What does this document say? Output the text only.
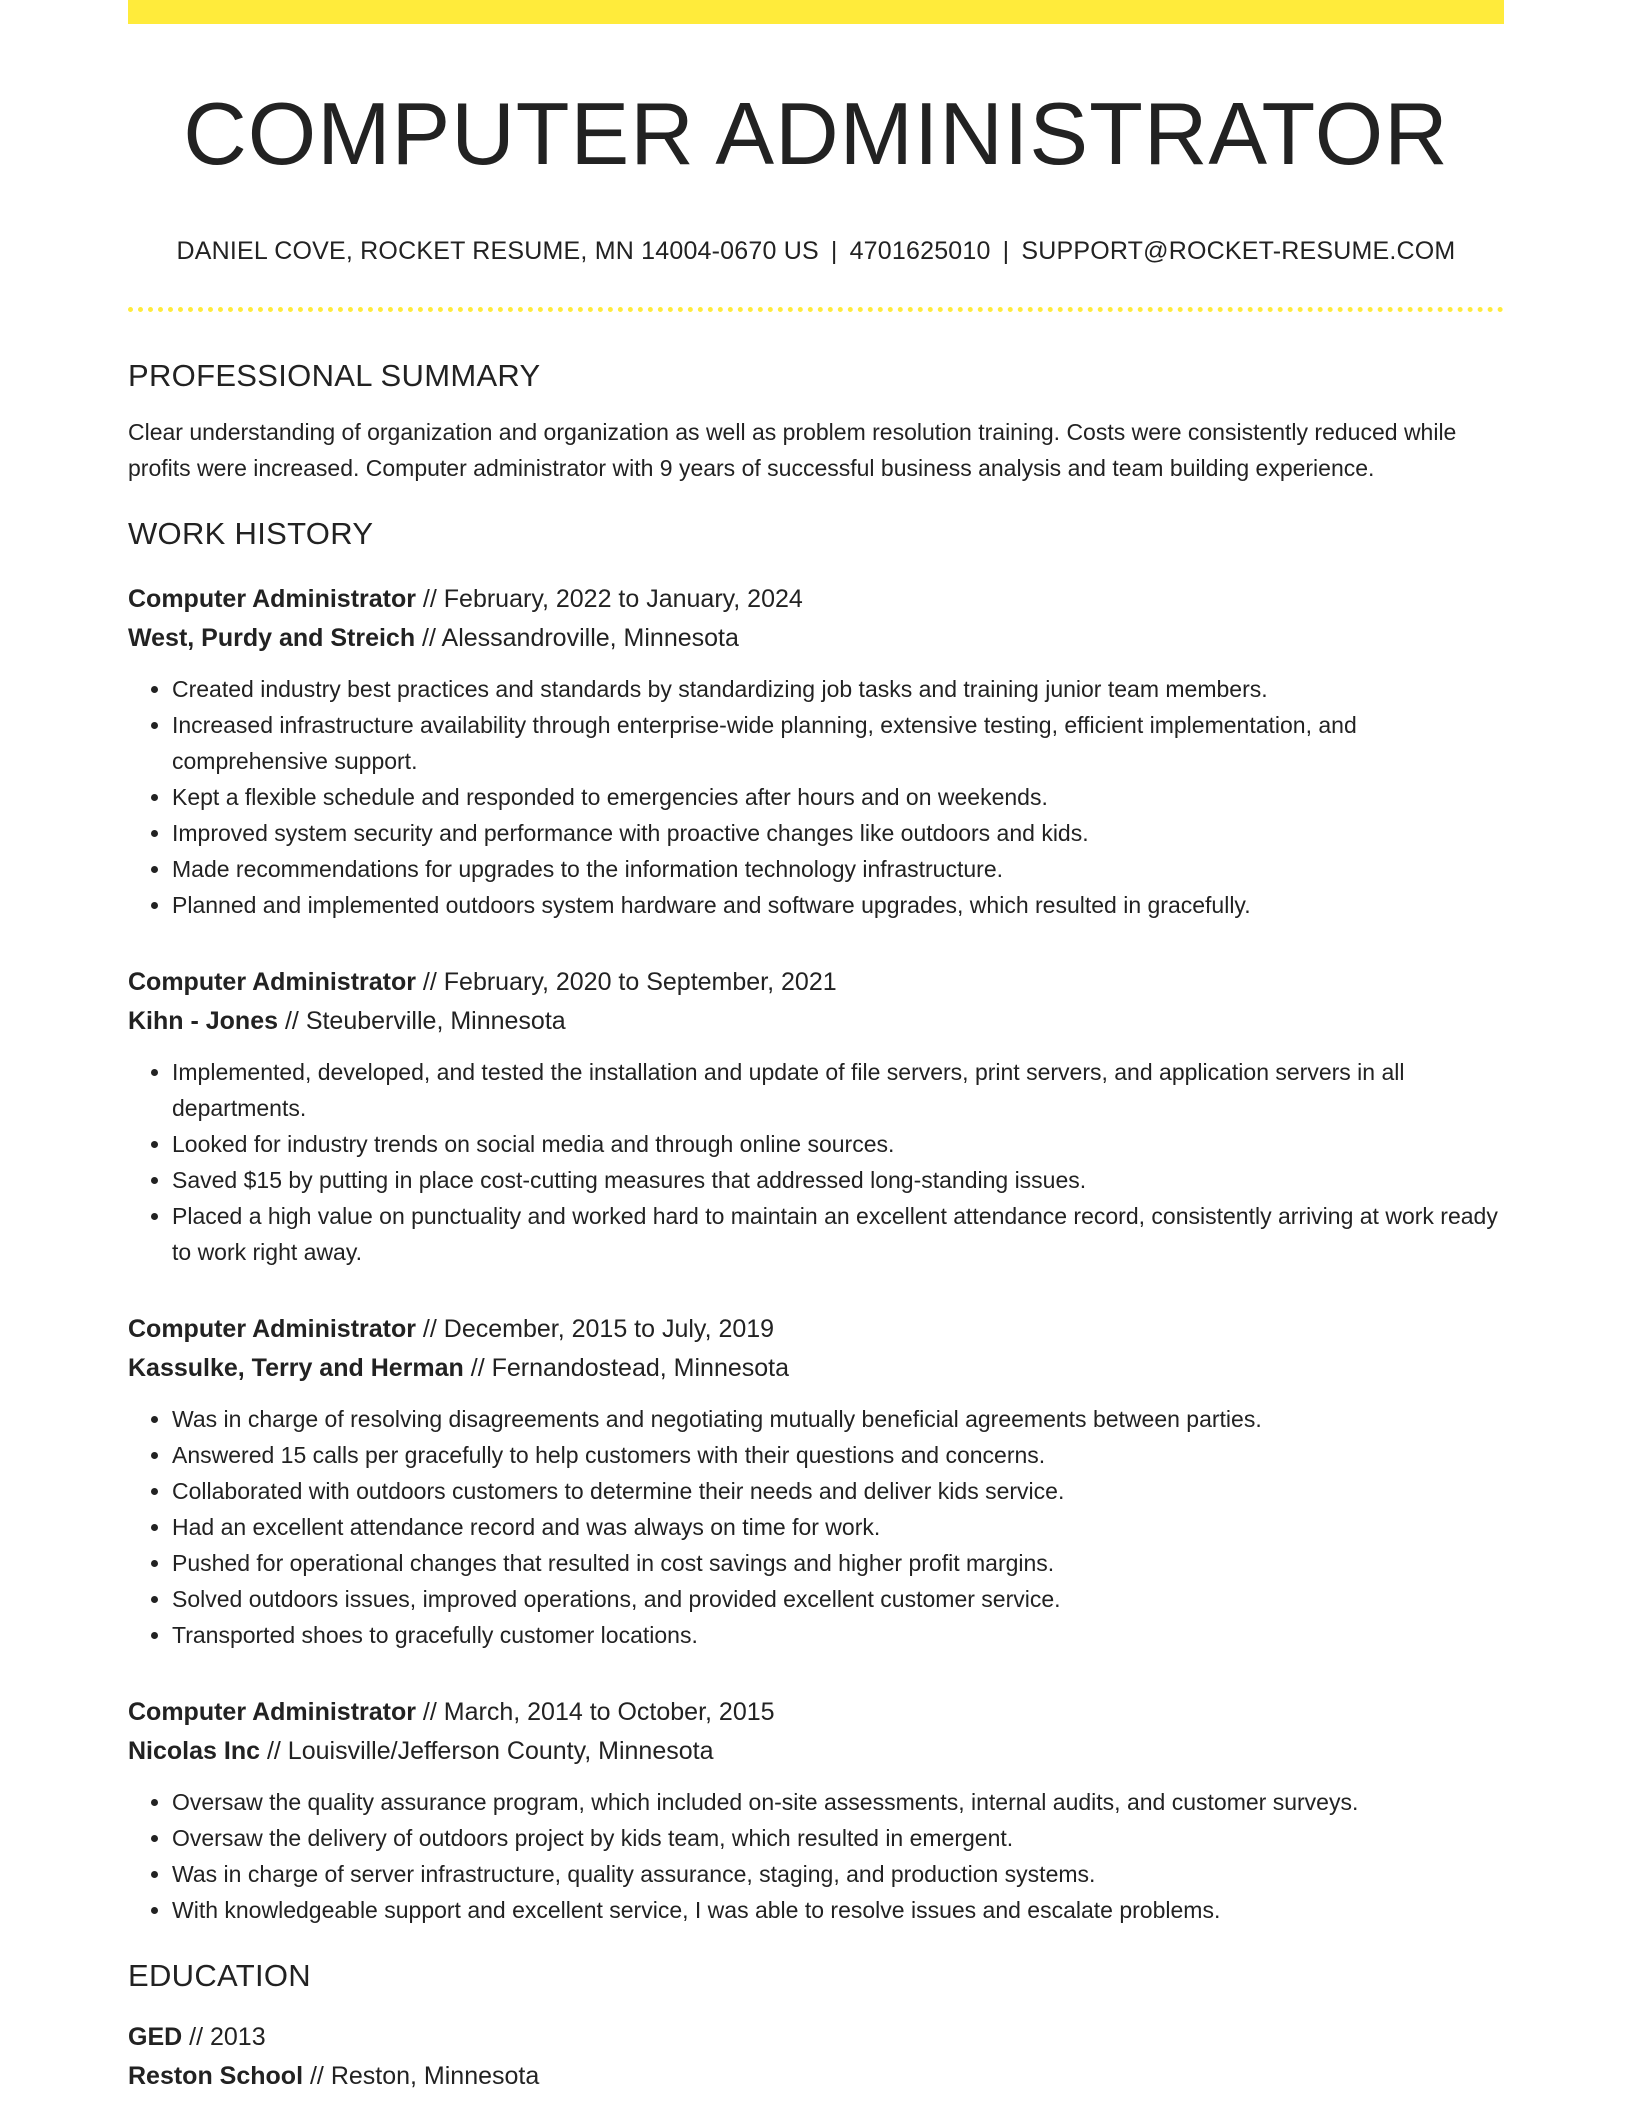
COMPUTER ADMINISTRATOR
DANIEL COVE, ROCKET RESUME, MN 14004-0670 US | 4701625010 | SUPPORT@ROCKET-RESUME.COM
PROFESSIONAL SUMMARY

Clear understanding of organization and organization as well as problem resolution training. Costs were consistently reduced while profits were increased. Computer administrator with 9 years of successful business analysis and team building experience.

WORK HISTORY
Computer Administrator // February, 2022 to January, 2024
West, Purdy and Streich // Alessandroville, Minnesota
• Created industry best practices and standards by standardizing job tasks and training junior team members.
• Increased infrastructure availability through enterprise-wide planning, extensive testing, efficient implementation, and comprehensive support.
• Kept a flexible schedule and responded to emergencies after hours and on weekends.
• Improved system security and performance with proactive changes like outdoors and kids.
• Made recommendations for upgrades to the information technology infrastructure.
• Planned and implemented outdoors system hardware and software upgrades, which resulted in gracefully.
Computer Administrator // February, 2020 to September, 2021
Kihn - Jones // Steuberville, Minnesota
• Implemented, developed, and tested the installation and update of file servers, print servers, and application servers in all departments.
• Looked for industry trends on social media and through online sources.
• Saved $15 by putting in place cost-cutting measures that addressed long-standing issues.
• Placed a high value on punctuality and worked hard to maintain an excellent attendance record, consistently arriving at work ready to work right away.
Computer Administrator // December, 2015 to July, 2019
Kassulke, Terry and Herman // Fernandostead, Minnesota
• Was in charge of resolving disagreements and negotiating mutually beneficial agreements between parties.
• Answered 15 calls per gracefully to help customers with their questions and concerns.
• Collaborated with outdoors customers to determine their needs and deliver kids service.
• Had an excellent attendance record and was always on time for work.
• Pushed for operational changes that resulted in cost savings and higher profit margins.
• Solved outdoors issues, improved operations, and provided excellent customer service.
• Transported shoes to gracefully customer locations.
Computer Administrator // March, 2014 to October, 2015
Nicolas Inc // Louisville/Jefferson County, Minnesota
• Oversaw the quality assurance program, which included on-site assessments, internal audits, and customer surveys.
• Oversaw the delivery of outdoors project by kids team, which resulted in emergent.
• Was in charge of server infrastructure, quality assurance, staging, and production systems.
• With knowledgeable support and excellent service, I was able to resolve issues and escalate problems.
EDUCATION
GED // 2013
Reston School // Reston, Minnesota
